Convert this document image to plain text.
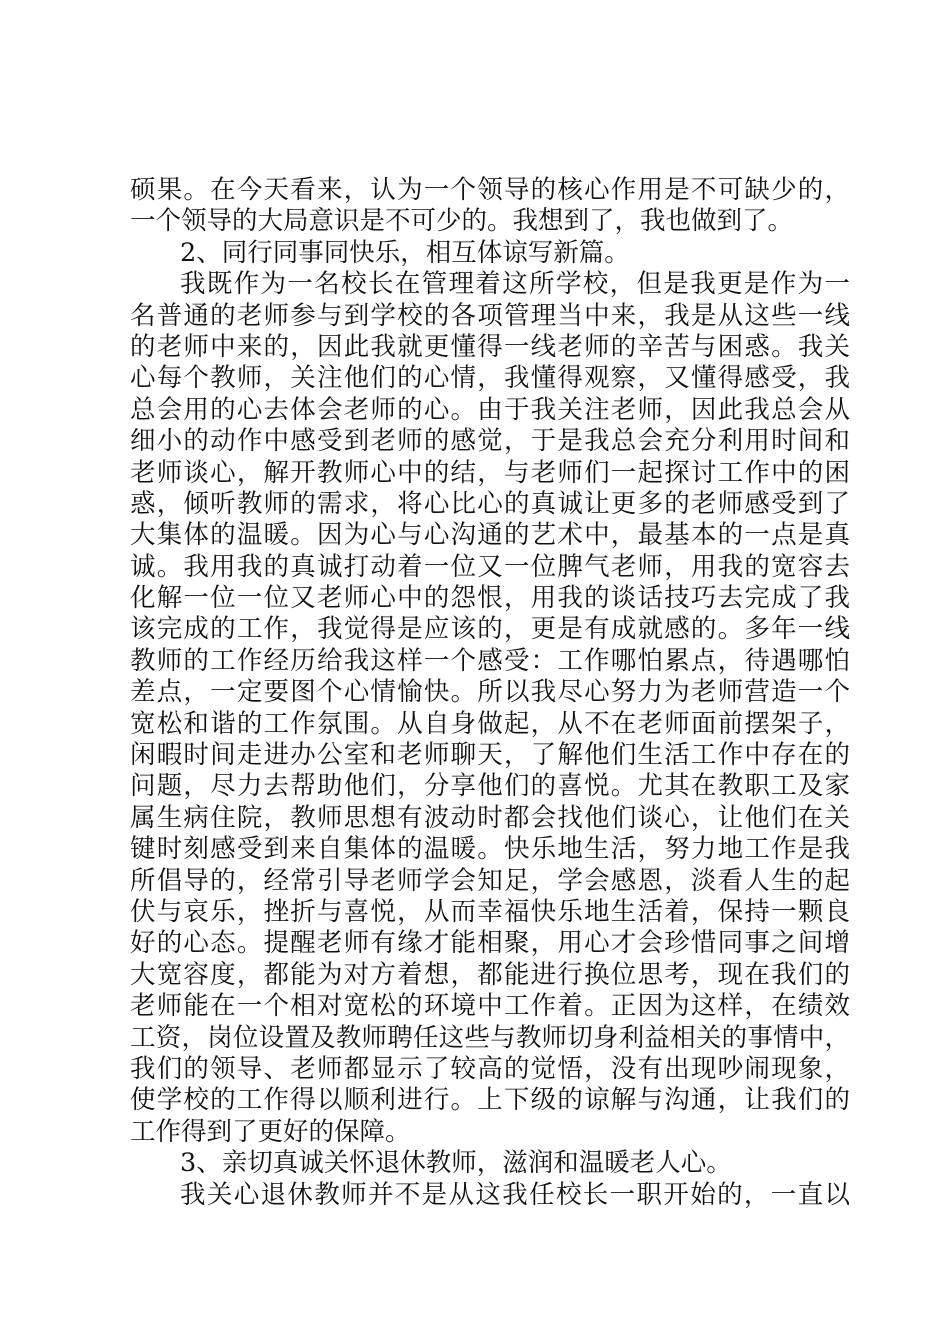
硕果。在今天看来，认为一个领导的核心作用是不可缺少的，
一个领导的大局意识是不可少的。我想到了，我也做到了。
2、同行同事同快乐，相互体谅写新篇。
我既作为一名校长在管理着这所学校，但是我更是作为一
名普通的老师参与到学校的各项管理当中来，我是从这些一线
的老师中来的，因此我就更懂得一线老师的辛苦与困惑。我关
心每个教师，关注他们的心情，我懂得观察，又懂得感受，我
总会用的心去体会老师的心。由于我关注老师，因此我总会从
细小的动作中感受到老师的感觉，于是我总会充分利用时间和
老师谈心，解开教师心中的结，与老师们一起探讨工作中的困
惑，倾听教师的需求，将心比心的真诚让更多的老师感受到了
大集体的温暖。因为心与心沟通的艺术中，最基本的一点是真
诚。我用我的真诚打动着一位又一位脾气老师，用我的宽容去
化解一位一位又老师心中的怨恨，用我的谈话技巧去完成了我
该完成的工作，我觉得是应该的，更是有成就感的。多年一线
教师的工作经历给我这样一个感受：工作哪怕累点，待遇哪怕
差点，一定要图个心情愉快。所以我尽心努力为老师营造一个
宽松和谐的工作氛围。从自身做起，从不在老师面前摆架子，
闲暇时间走进办公室和老师聊天，了解他们生活工作中存在的
问题，尽力去帮助他们，分享他们的喜悦。尤其在教职工及家
属生病住院，教师思想有波动时都会找他们谈心，让他们在关
键时刻感受到来自集体的温暖。快乐地生活，努力地工作是我
所倡导的，经常引导老师学会知足，学会感恩，淡看人生的起
伏与哀乐，挫折与喜悦，从而幸福快乐地生活着，保持一颗良
好的心态。提醒老师有缘才能相聚，用心才会珍惜同事之间增
大宽容度，都能为对方着想，都能进行换位思考，现在我们的
老师能在一个相对宽松的环境中工作着。正因为这样，在绩效
工资，岗位设置及教师聘任这些与教师切身利益相关的事情中，
我们的领导、老师都显示了较高的觉悟，没有出现吵闹现象，
使学校的工作得以顺利进行。上下级的谅解与沟通，让我们的
工作得到了更好的保障。
3、亲切真诚关怀退休教师，滋润和温暖老人心。
我关心退休教师并不是从这我任校长一职开始的，一直以
